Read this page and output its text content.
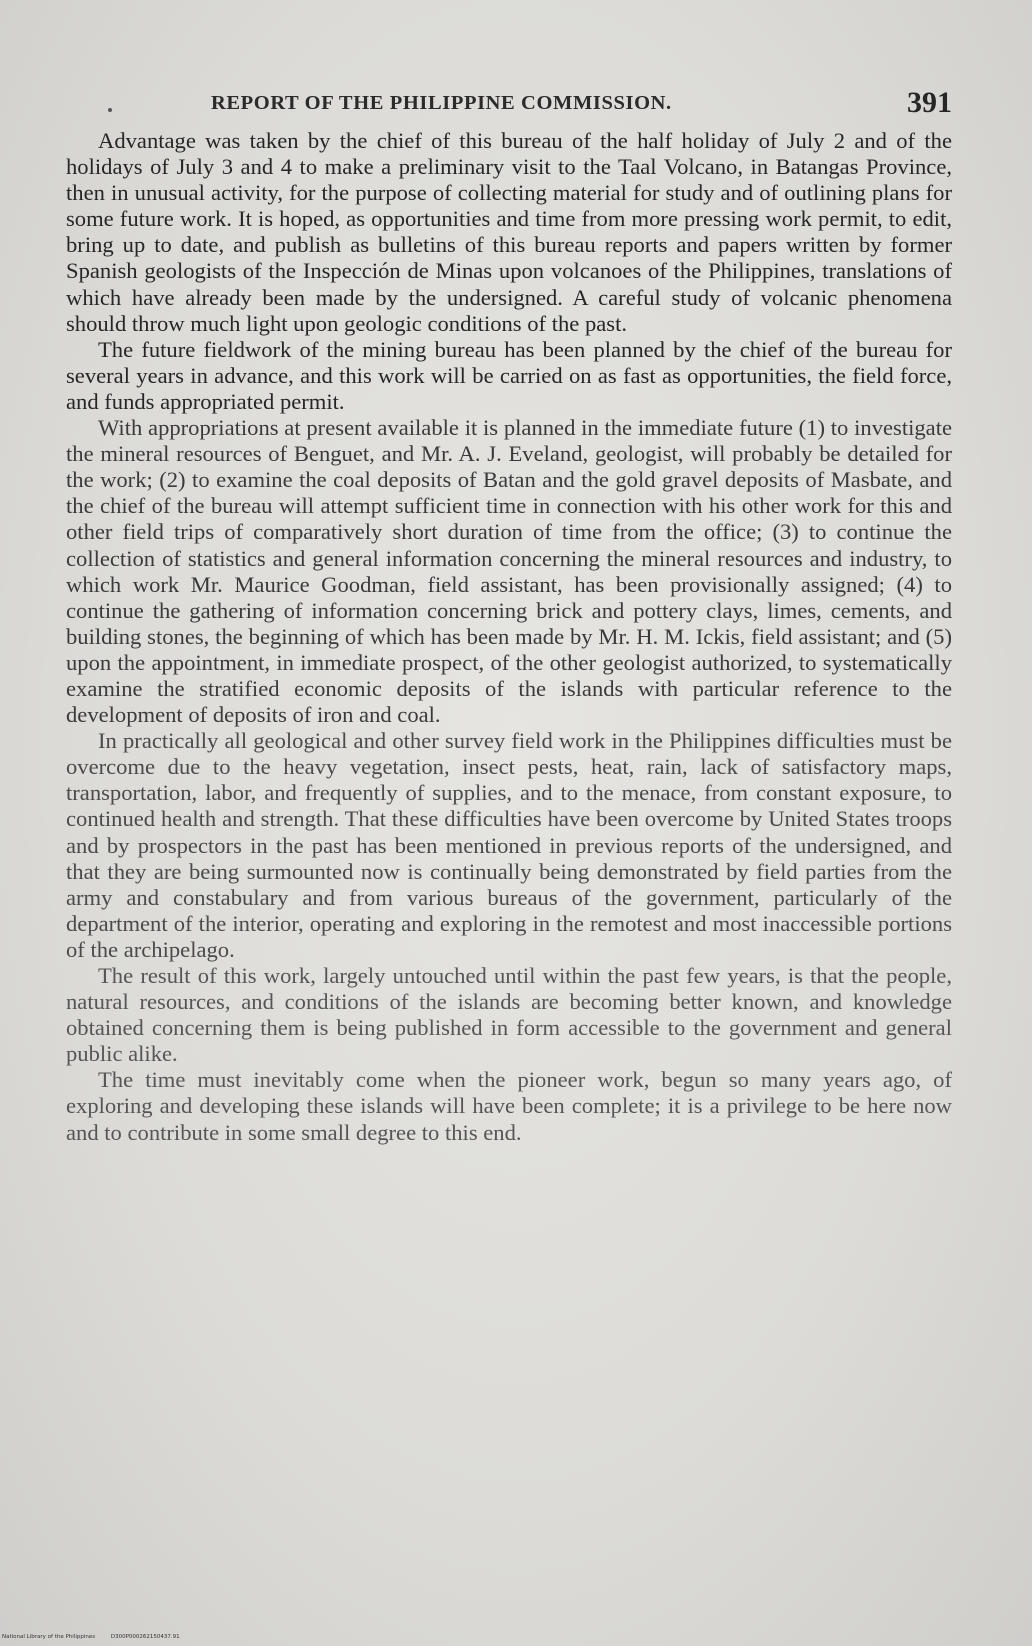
REPORT OF THE PHILIPPINE COMMISSION.	391

Advantage was taken by the chief of this bureau of the half holiday of July 2 and of the holidays of July 3 and 4 to make a preliminary visit to the Taal Volcano, in Batangas Province, then in unusual activity, for the purpose of collecting material for study and of outlining plans for some future work. It is hoped, as opportunities and time from more pressing work permit, to edit, bring up to date, and publish as bulletins of this bureau reports and papers written by former Spanish geologists of the Inspección de Minas upon volcanoes of the Philippines, translations of which have already been made by the undersigned. A careful study of volcanic phenomena should throw much light upon geologic conditions of the past.

The future fieldwork of the mining bureau has been planned by the chief of the bureau for several years in advance, and this work will be carried on as fast as opportunities, the field force, and funds appropriated permit.

With appropriations at present available it is planned in the immediate future (1) to investigate the mineral resources of Benguet, and Mr. A. J. Eveland, geologist, will probably be detailed for the work; (2) to examine the coal deposits of Batan and the gold gravel deposits of Masbate, and the chief of the bureau will attempt sufficient time in connection with his other work for this and other field trips of comparatively short duration of time from the office; (3) to continue the collection of statistics and general information concerning the mineral resources and industry, to which work Mr. Maurice Goodman, field assistant, has been provisionally assigned; (4) to continue the gathering of information concerning brick and pottery clays, limes, cements, and building stones, the beginning of which has been made by Mr. H. M. Ickis, field assistant; and (5) upon the appointment, in immediate prospect, of the other geologist authorized, to systematically examine the stratified economic deposits of the islands with particular reference to the development of deposits of iron and coal.

In practically all geological and other survey field work in the Philippines difficulties must be overcome due to the heavy vegetation, insect pests, heat, rain, lack of satisfactory maps, transportation, labor, and frequently of supplies, and to the menace, from constant exposure, to continued health and strength. That these difficulties have been overcome by United States troops and by prospectors in the past has been mentioned in previous reports of the undersigned, and that they are being surmounted now is continually being demonstrated by field parties from the army and constabulary and from various bureaus of the government, particularly of the department of the interior, operating and exploring in the remotest and most inaccessible portions of the archipelago.

The result of this work, largely untouched until within the past few years, is that the people, natural resources, and conditions of the islands are becoming better known, and knowledge obtained concerning them is being published in form accessible to the government and general public alike.

The time must inevitably come when the pioneer work, begun so many years ago, of exploring and developing these islands will have been complete; it is a privilege to be here now and to contribute in some small degree to this end.

National Library of the Philippines	D300P000262150437.91
